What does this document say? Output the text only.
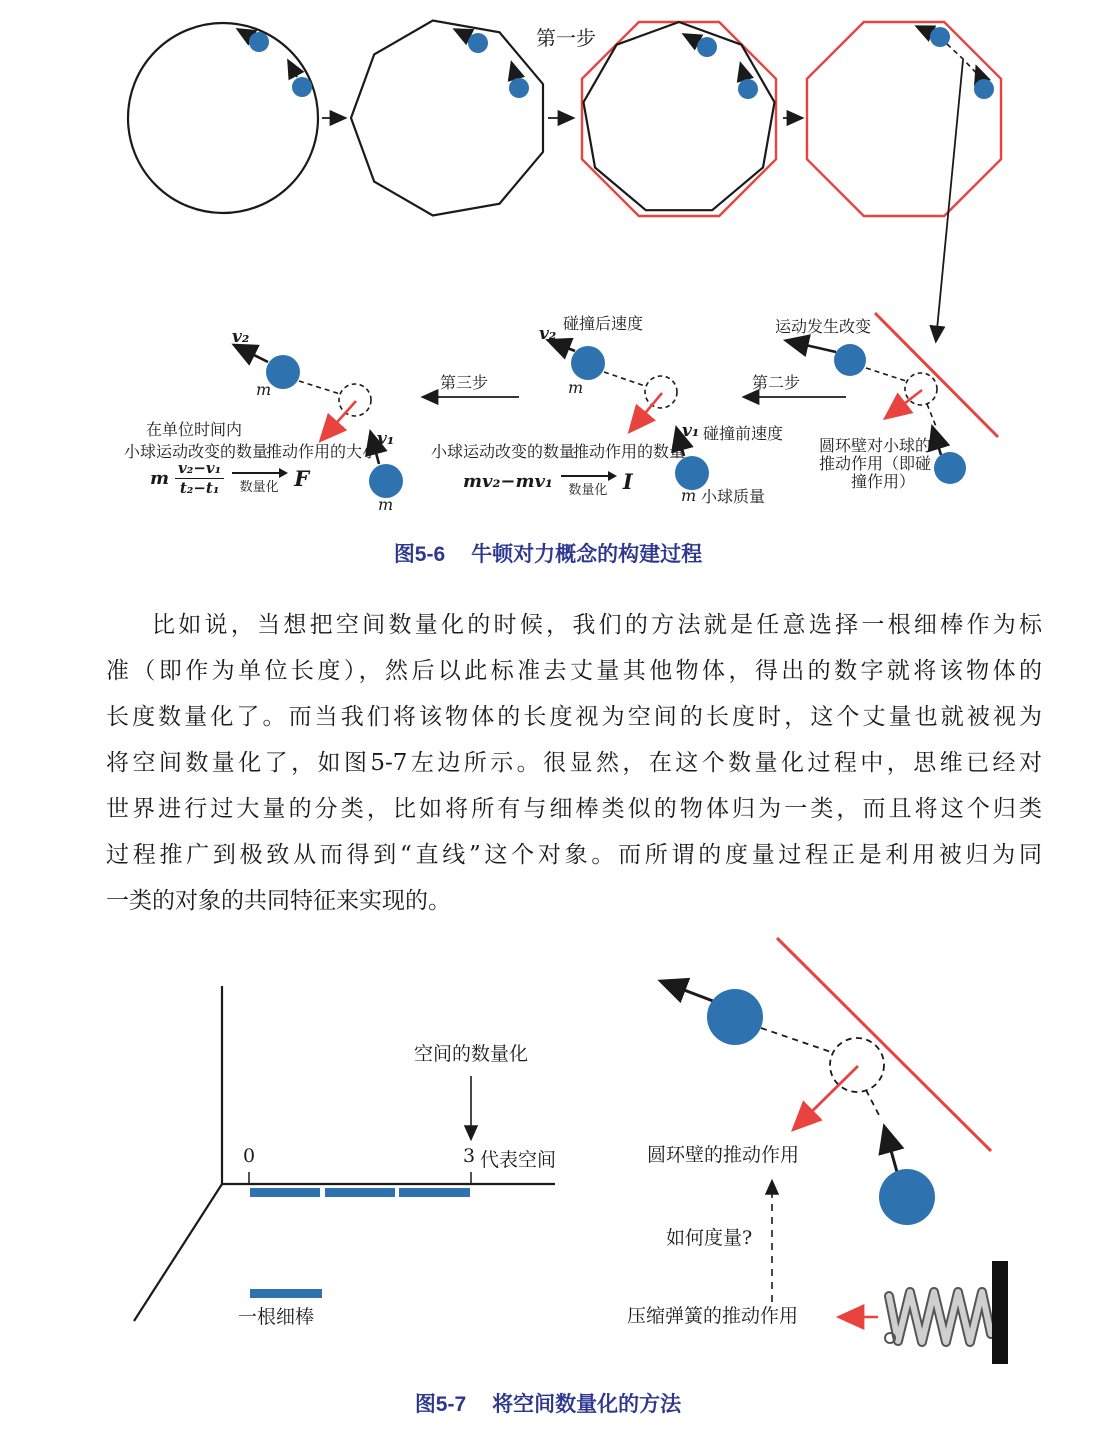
第一步
v₂
m
在单位时间内
小球运动改变的数量
推动作用的大小
v₁
m
m $\frac{\text{v₂−v₁}}{\text{t₂−t₁}}$ 数量化 F
第三步
碰撞后速度
v₂
m
小球运动改变的数量
推动作用的数量
v₁ 碰撞前速度
mv₂−mv₁ 数量化 I
m 小球质量
第二步
运动发生改变
圆环壁对小球的
推动作用（即碰
撞作用）
图5-6 牛顿对力概念的构建过程
比如说，当想把空间数量化的时候，我们的方法就是任意选择一根细棒作为标
准（即作为单位长度），然后以此标准去丈量其他物体，得出的数字就将该物体的
长度数量化了。而当我们将该物体的长度视为空间的长度时，这个丈量也就被视为
将空间数量化了，如图5-7左边所示。很显然，在这个数量化过程中，思维已经对
世界进行过大量的分类，比如将所有与细棒类似的物体归为一类，而且将这个归类
过程推广到极致从而得到“直线”这个对象。而所谓的度量过程正是利用被归为同
一类的对象的共同特征来实现的。
空间的数量化
0	3 代表空间
一根细棒
圆环壁的推动作用
如何度量?
压缩弹簧的推动作用
图5-7 将空间数量化的方法
